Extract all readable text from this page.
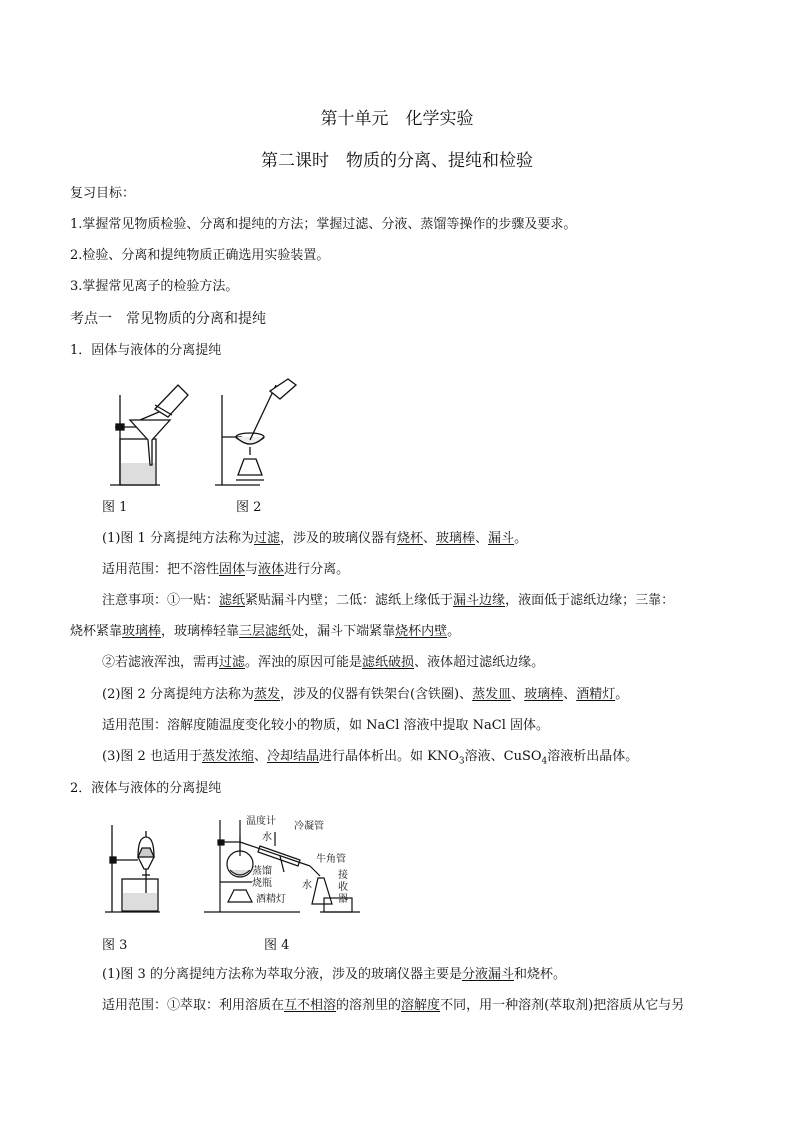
第十单元　化学实验
第二课时　物质的分离、提纯和检验
复习目标：
1.掌握常见物质检验、分离和提纯的方法；掌握过滤、分液、蒸馏等操作的步骤及要求。
2.检验、分离和提纯物质正确选用实验装置。
3.掌握常见离子的检验方法。
考点一　常见物质的分离和提纯
1．固体与液体的分离提纯
图 1	图 2
(1)图 1 分离提纯方法称为过滤，涉及的玻璃仪器有烧杯、玻璃棒、漏斗。
适用范围：把不溶性固体与液体进行分离。
注意事项：①一贴：滤纸紧贴漏斗内壁；二低：滤纸上缘低于漏斗边缘，液面低于滤纸边缘；三靠：
烧杯紧靠玻璃棒，玻璃棒轻靠三层滤纸处，漏斗下端紧靠烧杯内壁。
②若滤液浑浊，需再过滤。浑浊的原因可能是滤纸破损、液体超过滤纸边缘。
(2)图 2 分离提纯方法称为蒸发，涉及的仪器有铁架台(含铁圈)、蒸发皿、玻璃棒、酒精灯。
适用范围：溶解度随温度变化较小的物质，如 NaCl 溶液中提取 NaCl 固体。
(3)图 2 也适用于蒸发浓缩、冷却结晶进行晶体析出。如 $KNO_3$溶液、CuSO$_4$溶液析出晶体。
2．液体与液体的分离提纯
温度计 冷凝管
水
牛角管
蒸馏
烧瓶	水
接
收
器
酒精灯
图 3	图 4
(1)图 3 的分离提纯方法称为萃取分液，涉及的玻璃仪器主要是分液漏斗和烧杯。
适用范围：①萃取：利用溶质在互不相溶的溶剂里的溶解度不同，用一种溶剂(萃取剂)把溶质从它与另
